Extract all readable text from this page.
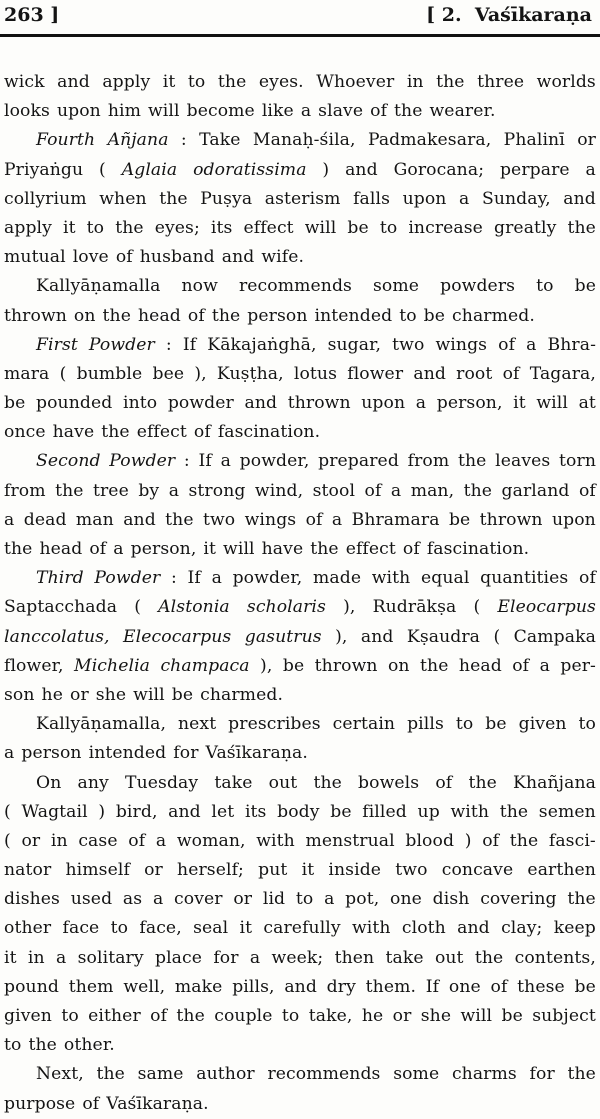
263 ]	[ 2.  Vaśīkaraṇa
wick and apply it to the eyes. Whoever in the three worlds
looks upon him will become like a slave of the wearer.
Fourth Añjana : Take Manaḥ-śila, Padmakesara, Phalinī or
Priyaṅgu ( Aglaia odoratissima ) and Gorocana; perpare a
collyrium when the Puṣya asterism falls upon a Sunday, and
apply it to the eyes; its effect will be to increase greatly the
mutual love of husband and wife.
Kallyāṇamalla now recommends some powders to be
thrown on the head of the person intended to be charmed.
First Powder : If Kākajaṅghā, sugar, two wings of a Bhra-
mara ( bumble bee ), Kuṣṭha, lotus flower and root of Tagara,
be pounded into powder and thrown upon a person, it will at
once have the effect of fascination.
Second Powder : If a powder, prepared from the leaves torn
from the tree by a strong wind, stool of a man, the garland of
a dead man and the two wings of a Bhramara be thrown upon
the head of a person, it will have the effect of fascination.
Third Powder : If a powder, made with equal quantities of
Saptacchada ( Alstonia scholaris ), Rudrākṣa ( Eleocarpus
lanccolatus, Elecocarpus gasutrus ), and Kṣaudra ( Campaka
flower, Michelia champaca ), be thrown on the head of a per-
son he or she will be charmed.
Kallyāṇamalla, next prescribes certain pills to be given to
a person intended for Vaśīkaraṇa.
On any Tuesday take out the bowels of the Khañjana
( Wagtail ) bird, and let its body be filled up with the semen
( or in case of a woman, with menstrual blood ) of the fasci-
nator himself or herself; put it inside two concave earthen
dishes used as a cover or lid to a pot, one dish covering the
other face to face, seal it carefully with cloth and clay; keep
it in a solitary place for a week; then take out the contents,
pound them well, make pills, and dry them. If one of these be
given to either of the couple to take, he or she will be subject
to the other.
Next, the same author recommends some charms for the
purpose of Vaśīkaraṇa.
